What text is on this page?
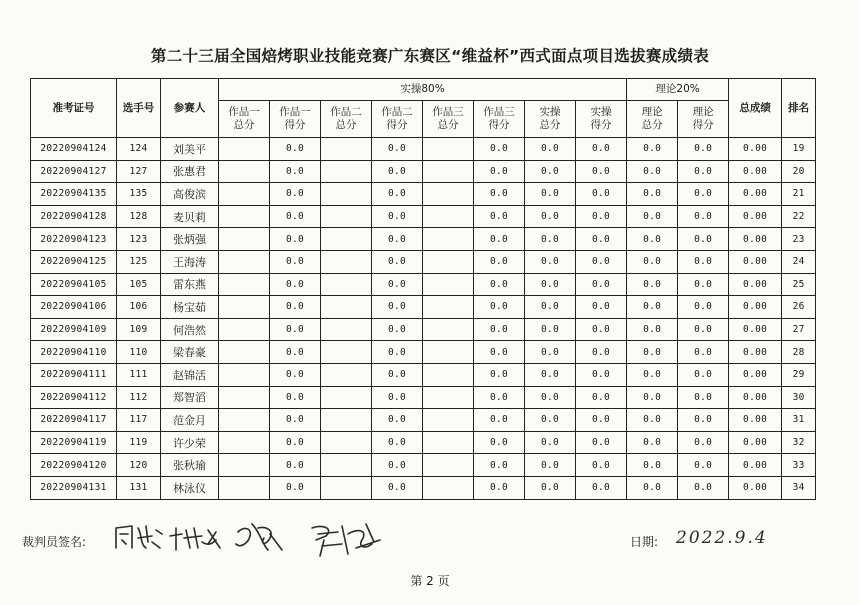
第二十三届全国焙烤职业技能竞赛广东赛区“维益杯”西式面点项目选拔赛成绩表
准考证号	选手号	参赛人	实操80%								理论20%		总成绩	排名
			作品一总分	作品一得分	作品二总分	作品二得分	作品三总分	作品三得分	实操总分	实操得分	理论总分	理论得分		
20220904124	124	刘美平		0.0		0.0		0.0	0.0	0.0	0.0	0.0	0.00	19
20220904127	127	张惠君		0.0		0.0		0.0	0.0	0.0	0.0	0.0	0.00	20
20220904135	135	高俊滨		0.0		0.0		0.0	0.0	0.0	0.0	0.0	0.00	21
20220904128	128	麦贝莉		0.0		0.0		0.0	0.0	0.0	0.0	0.0	0.00	22
20220904123	123	张炳强		0.0		0.0		0.0	0.0	0.0	0.0	0.0	0.00	23
20220904125	125	王海涛		0.0		0.0		0.0	0.0	0.0	0.0	0.0	0.00	24
20220904105	105	雷东燕		0.0		0.0		0.0	0.0	0.0	0.0	0.0	0.00	25
20220904106	106	杨宝茹		0.0		0.0		0.0	0.0	0.0	0.0	0.0	0.00	26
20220904109	109	何浩然		0.0		0.0		0.0	0.0	0.0	0.0	0.0	0.00	27
20220904110	110	梁春豪		0.0		0.0		0.0	0.0	0.0	0.0	0.0	0.00	28
20220904111	111	赵锦活		0.0		0.0		0.0	0.0	0.0	0.0	0.0	0.00	29
20220904112	112	郑智滔		0.0		0.0		0.0	0.0	0.0	0.0	0.0	0.00	30
20220904117	117	范金月		0.0		0.0		0.0	0.0	0.0	0.0	0.0	0.00	31
20220904119	119	许少荣		0.0		0.0		0.0	0.0	0.0	0.0	0.0	0.00	32
20220904120	120	张秋瑜		0.0		0.0		0.0	0.0	0.0	0.0	0.0	0.00	33
20220904131	131	林泳仪		0.0		0.0		0.0	0.0	0.0	0.0	0.0	0.00	34
裁判员签名:	日期: 2022.9.4
第 2 页
